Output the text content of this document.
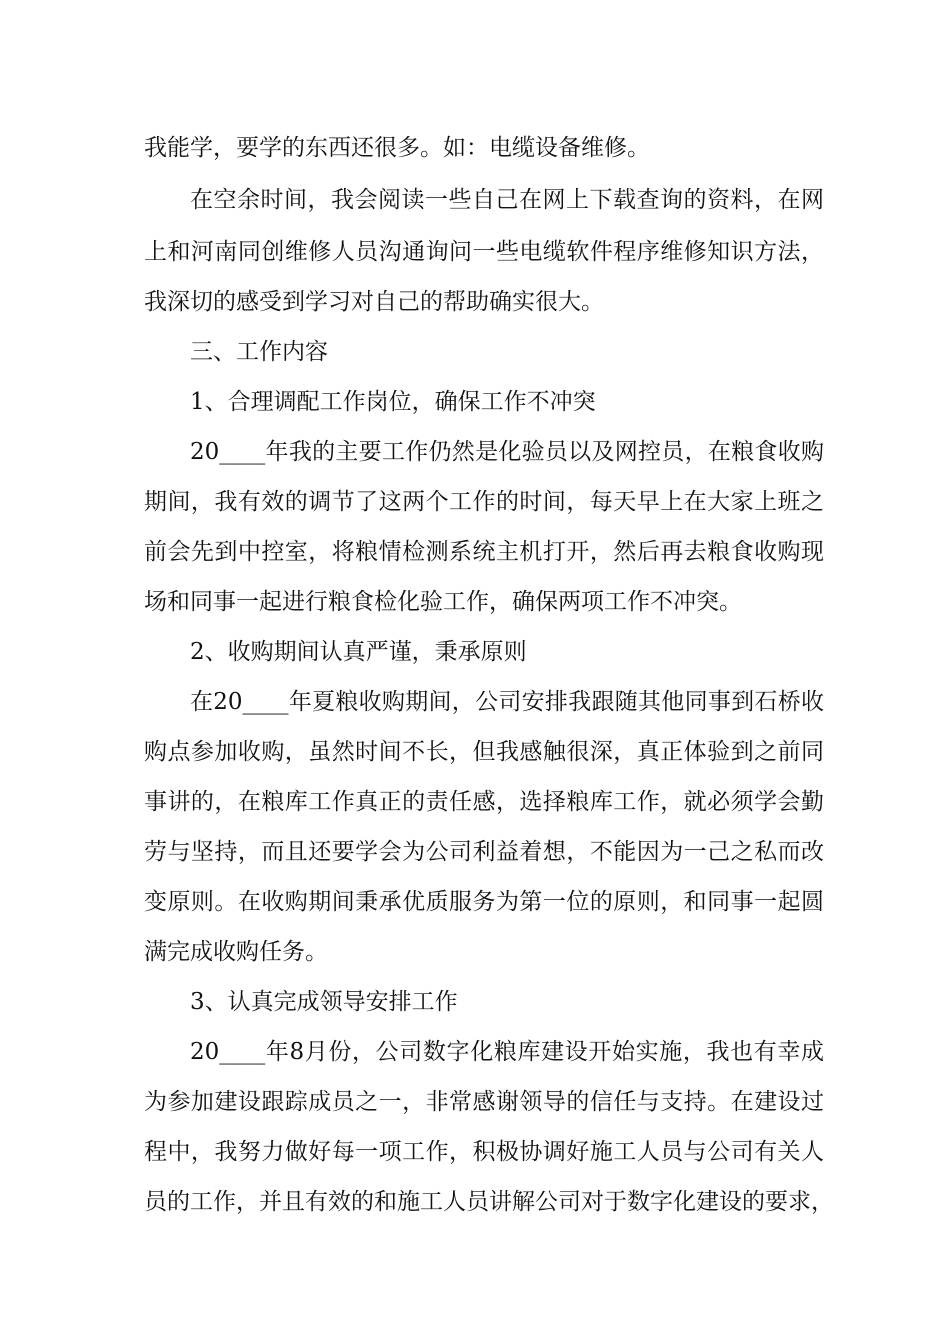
我能学，要学的东西还很多。如：电缆设备维修。
在空余时间，我会阅读一些自己在网上下载查询的资料，在网
上和河南同创维修人员沟通询问一些电缆软件程序维修知识方法，
我深切的感受到学习对自己的帮助确实很大。
三、工作内容
1、合理调配工作岗位，确保工作不冲突
20____年我的主要工作仍然是化验员以及网控员，在粮食收购
期间，我有效的调节了这两个工作的时间，每天早上在大家上班之
前会先到中控室，将粮情检测系统主机打开，然后再去粮食收购现
场和同事一起进行粮食检化验工作，确保两项工作不冲突。
2、收购期间认真严谨，秉承原则
在20____年夏粮收购期间，公司安排我跟随其他同事到石桥收
购点参加收购，虽然时间不长，但我感触很深，真正体验到之前同
事讲的，在粮库工作真正的责任感，选择粮库工作，就必须学会勤
劳与坚持，而且还要学会为公司利益着想，不能因为一己之私而改
变原则。在收购期间秉承优质服务为第一位的原则，和同事一起圆
满完成收购任务。
3、认真完成领导安排工作
20____年8月份，公司数字化粮库建设开始实施，我也有幸成
为参加建设跟踪成员之一，非常感谢领导的信任与支持。在建设过
程中，我努力做好每一项工作，积极协调好施工人员与公司有关人
员的工作，并且有效的和施工人员讲解公司对于数字化建设的要求，
